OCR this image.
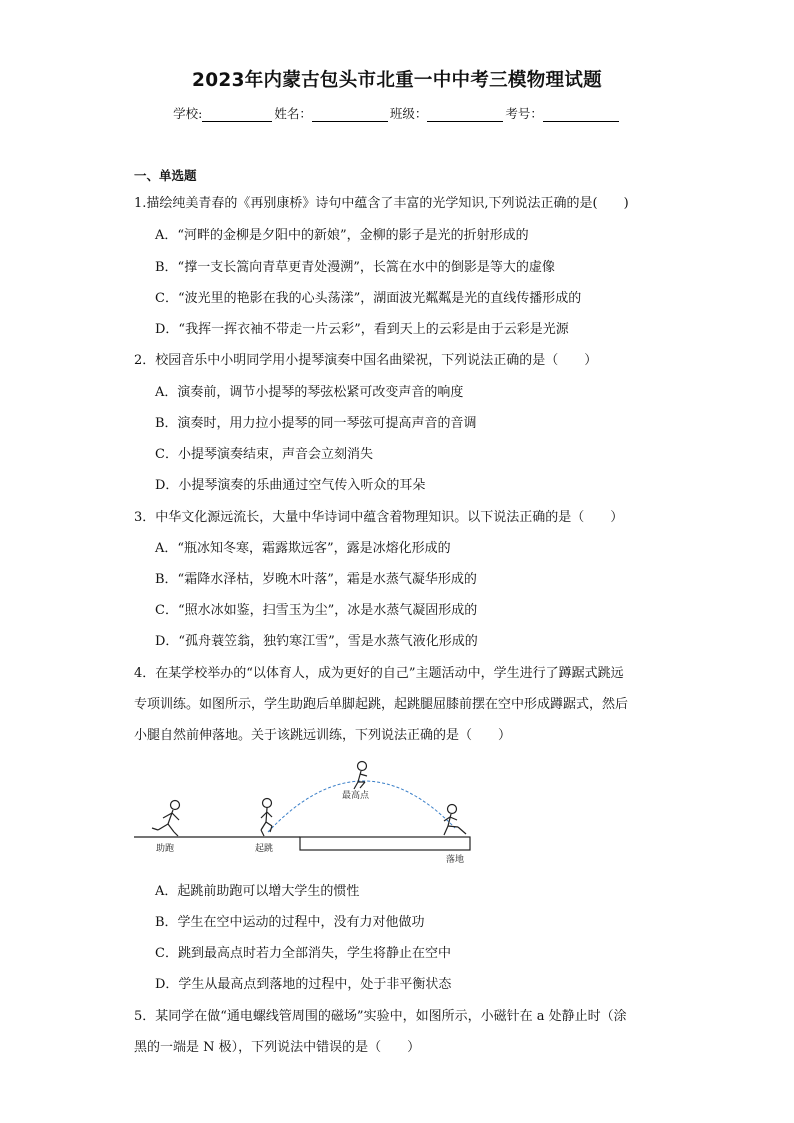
2023年内蒙古包头市北重一中中考三模物理试题
学校:	姓名：	班级：	考号：
一、单选题
1.描绘纯美青春的《再别康桥》诗句中蕴含了丰富的光学知识,下列说法正确的是(　　)
A．“河畔的金柳是夕阳中的新娘”，金柳的影子是光的折射形成的
B．“撑一支长篙向青草更青处漫溯”，长篙在水中的倒影是等大的虚像
C．“波光里的艳影在我的心头荡漾”，湖面波光粼粼是光的直线传播形成的
D．“我挥一挥衣袖不带走一片云彩”，看到天上的云彩是由于云彩是光源
2．校园音乐中小明同学用小提琴演奏中国名曲梁祝，下列说法正确的是（　　）
A．演奏前，调节小提琴的琴弦松紧可改变声音的响度
B．演奏时，用力拉小提琴的同一琴弦可提高声音的音调
C．小提琴演奏结束，声音会立刻消失
D．小提琴演奏的乐曲通过空气传入听众的耳朵
3．中华文化源远流长，大量中华诗词中蕴含着物理知识。以下说法正确的是（　　）
A．“瓶冰知冬寒，霜露欺远客”，露是冰熔化形成的
B．“霜降水泽枯，岁晚木叶落”，霜是水蒸气凝华形成的
C．“照水冰如鉴，扫雪玉为尘”，冰是水蒸气凝固形成的
D．“孤舟蓑笠翁，独钓寒江雪”，雪是水蒸气液化形成的
4．在某学校举办的“以体育人，成为更好的自己”主题活动中，学生进行了蹲踞式跳远
专项训练。如图所示，学生助跑后单脚起跳，起跳腿屈膝前摆在空中形成蹲踞式，然后
小腿自然前伸落地。关于该跳远训练，下列说法正确的是（　　）
助跑	起跳
最高点
落地
A．起跳前助跑可以增大学生的惯性
B．学生在空中运动的过程中，没有力对他做功
C．跳到最高点时若力全部消失，学生将静止在空中
D．学生从最高点到落地的过程中，处于非平衡状态
5．某同学在做“通电螺线管周围的磁场”实验中，如图所示，小磁针在 a 处静止时（涂
黑的一端是 N 极），下列说法中错误的是（　　）
